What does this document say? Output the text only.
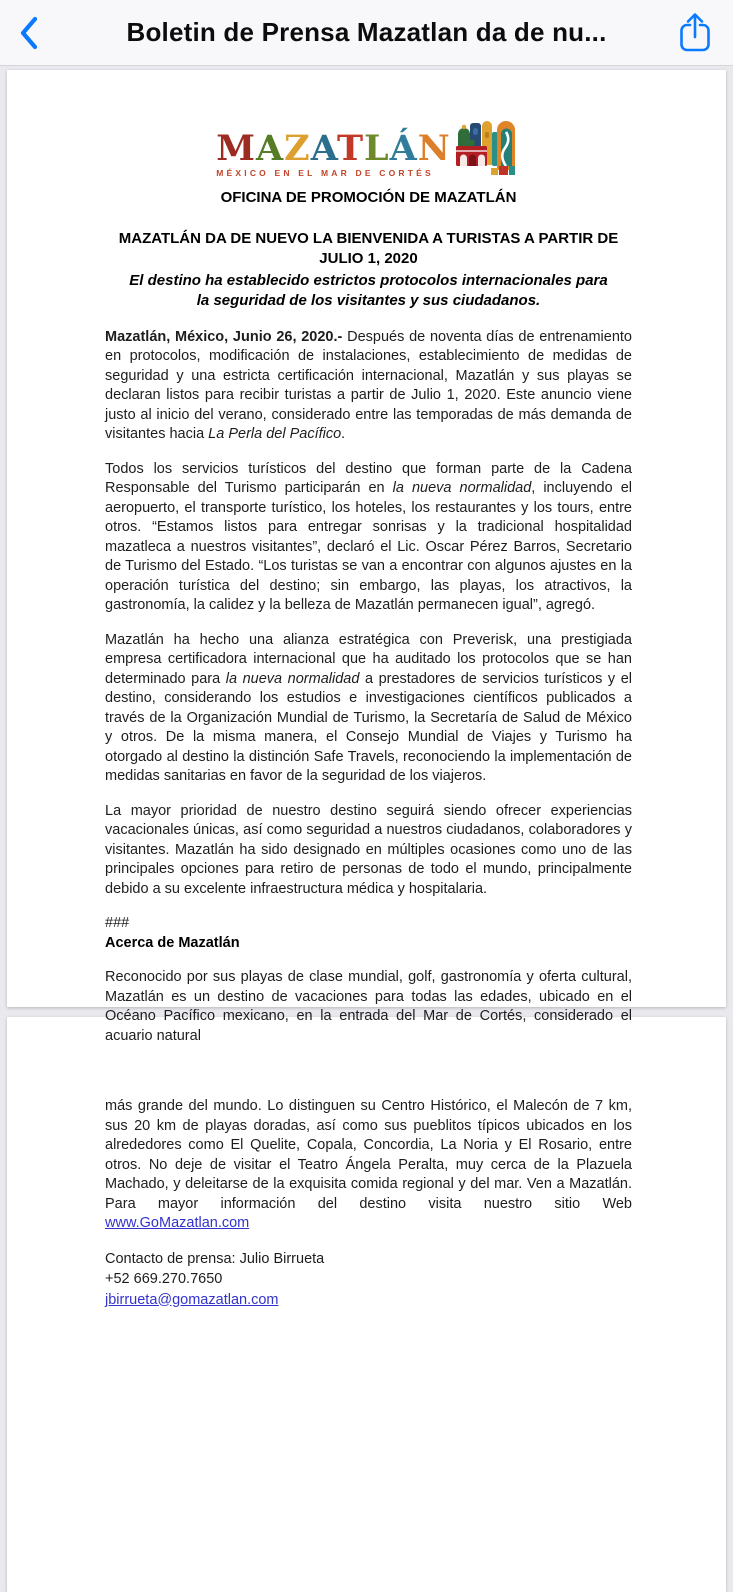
Boletin de Prensa Mazatlan da de nu...
MAZATLÁN
MÉXICO EN EL MAR DE CORTÉS
OFICINA DE PROMOCIÓN DE MAZATLÁN
MAZATLÁN DA DE NUEVO LA BIENVENIDA A TURISTAS A PARTIR DE JULIO 1, 2020
El destino ha establecido estrictos protocolos internacionales para la seguridad de los visitantes y sus ciudadanos.

Mazatlán, México, Junio 26, 2020.- Después de noventa días de entrenamiento en protocolos, modificación de instalaciones, establecimiento de medidas de seguridad y una estricta certificación internacional, Mazatlán y sus playas se declaran listos para recibir turistas a partir de Julio 1, 2020. Este anuncio viene justo al inicio del verano, considerado entre las temporadas de más demanda de visitantes hacia La Perla del Pacífico.

Todos los servicios turísticos del destino que forman parte de la Cadena Responsable del Turismo participarán en la nueva normalidad, incluyendo el aeropuerto, el transporte turístico, los hoteles, los restaurantes y los tours, entre otros. “Estamos listos para entregar sonrisas y la tradicional hospitalidad mazatleca a nuestros visitantes”, declaró el Lic. Oscar Pérez Barros, Secretario de Turismo del Estado. “Los turistas se van a encontrar con algunos ajustes en la operación turística del destino; sin embargo, las playas, los atractivos, la gastronomía, la calidez y la belleza de Mazatlán permanecen igual”, agregó.

Mazatlán ha hecho una alianza estratégica con Preverisk, una prestigiada empresa certificadora internacional que ha auditado los protocolos que se han determinado para la nueva normalidad a prestadores de servicios turísticos y el destino, considerando los estudios e investigaciones científicos publicados a través de la Organización Mundial de Turismo, la Secretaría de Salud de México y otros. De la misma manera, el Consejo Mundial de Viajes y Turismo ha otorgado al destino la distinción Safe Travels, reconociendo la implementación de medidas sanitarias en favor de la seguridad de los viajeros.

La mayor prioridad de nuestro destino seguirá siendo ofrecer experiencias vacacionales únicas, así como seguridad a nuestros ciudadanos, colaboradores y visitantes. Mazatlán ha sido designado en múltiples ocasiones como uno de las principales opciones para retiro de personas de todo el mundo, principalmente debido a su excelente infraestructura médica y hospitalaria.

###
Acerca de Mazatlán

Reconocido por sus playas de clase mundial, golf, gastronomía y oferta cultural, Mazatlán es un destino de vacaciones para todas las edades, ubicado en el Océano Pacífico mexicano, en la entrada del Mar de Cortés, considerado el acuario natural

más grande del mundo. Lo distinguen su Centro Histórico, el Malecón de 7 km, sus 20 km de playas doradas, así como sus pueblitos típicos ubicados en los alrededores como El Quelite, Copala, Concordia, La Noria y El Rosario, entre otros. No deje de visitar el Teatro Ángela Peralta, muy cerca de la Plazuela Machado, y deleitarse de la exquisita comida regional y del mar. Ven a Mazatlán. Para mayor información del destino visita nuestro sitio Web www.GoMazatlan.com

Contacto de prensa: Julio Birrueta
+52 669.270.7650
jbirrueta@gomazatlan.com
